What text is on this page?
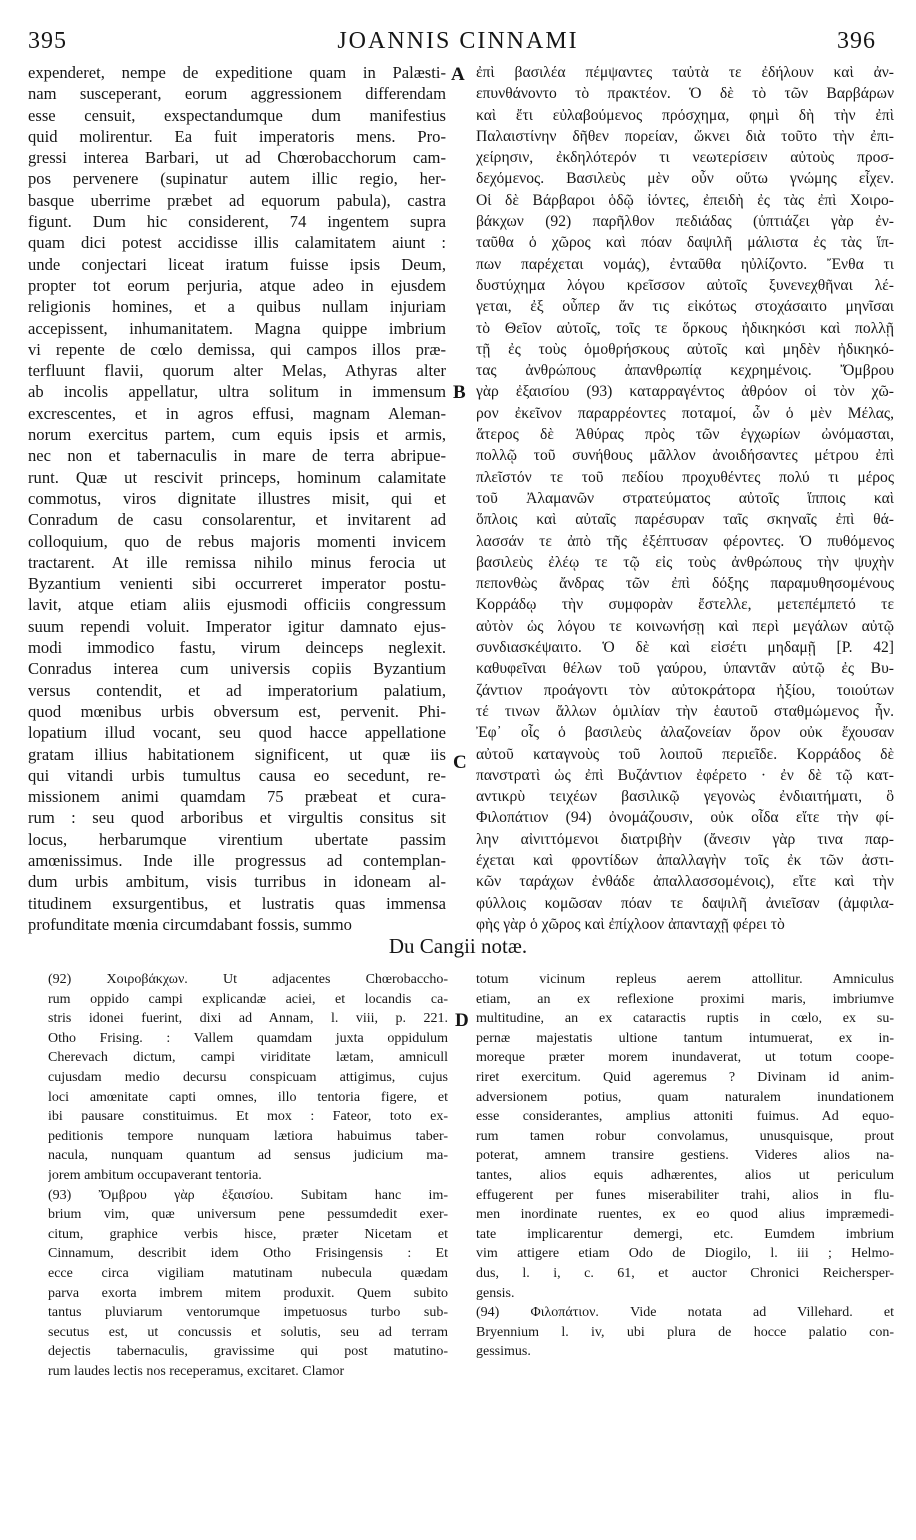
395	JOANNIS CINNAMI	396
expenderet, nempe de expeditione quam in Palæsti-
nam susceperant, eorum aggressionem differendam
esse censuit, exspectandumque dum manifestius
quid molirentur. Ea fuit imperatoris mens. Pro-
gressi interea Barbari, ut ad Chœrobacchorum cam-
pos pervenere (supinatur autem illic regio, her-
basque uberrime præbet ad equorum pabula), castra
figunt. Dum hic considerent, 74 ingentem supra
quam dici potest accidisse illis calamitatem aiunt :
unde conjectari liceat iratum fuisse ipsis Deum,
propter tot eorum perjuria, atque adeo in ejusdem
religionis homines, et a quibus nullam injuriam
accepissent, inhumanitatem. Magna quippe imbrium
vi repente de cœlo demissa, qui campos illos præ-
terfluunt flavii, quorum alter Melas, Athyras alter
ab incolis appellatur, ultra solitum in immensum
excrescentes, et in agros effusi, magnam Aleman-
norum exercitus partem, cum equis ipsis et armis,
nec non et tabernaculis in mare de terra abripue-
runt. Quæ ut rescivit princeps, hominum calamitate
commotus, viros dignitate illustres misit, qui et
Conradum de casu consolarentur, et invitarent ad
colloquium, quo de rebus majoris momenti invicem
tractarent. At ille remissa nihilo minus ferocia ut
Byzantium venienti sibi occurreret imperator postu-
lavit, atque etiam aliis ejusmodi officiis congressum
suum rependi voluit. Imperator igitur damnato ejus-
modi immodico fastu, virum deinceps neglexit.
Conradus interea cum universis copiis Byzantium
versus contendit, et ad imperatorium palatium,
quod mœnibus urbis obversum est, pervenit. Phi-
lopatium illud vocant, seu quod hacce appellatione
gratam illius habitationem significent, ut quæ iis
qui vitandi urbis tumultus causa eo secedunt, re-
missionem animi quamdam 75 præbeat et cura-
rum : seu quod arboribus et virgultis consitus sit
locus, herbarumque virentium ubertate passim
amœnissimus. Inde ille progressus ad contemplan-
dum urbis ambitum, visis turribus in idoneam al-
titudinem exsurgentibus, et lustratis quas immensa
profunditate mœnia circumdabant fossis, summo
ἐπὶ βασιλέα πέμψαντες ταὐτὰ τε ἐδήλουν καὶ ἀν-
επυνθάνοντο τὸ πρακτέον. Ὁ δὲ τὸ τῶν Βαρβάρων
καὶ ἔτι εὐλαβούμενος πρόσχημα, φημὶ δὴ τὴν ἐπὶ
Παλαιστίνην δῆθεν πορείαν, ὤκνει διὰ τοῦτο τὴν ἐπι-
χείρησιν, ἐκδηλότερόν τι νεωτερίσειν αὐτοὺς προσ-
δεχόμενος. Βασιλεὺς μὲν οὖν οὕτω γνώμης εἶχεν.
Οἱ δὲ Βάρβαροι ὁδῷ ἰόντες, ἐπειδὴ ἐς τὰς ἐπὶ Χοιρο-
βάκχων (92) παρῆλθον πεδιάδας (ὑπτιάζει γὰρ ἐν-
ταῦθα ὁ χῶρος καὶ πόαν δαψιλῆ μάλιστα ἐς τὰς ἵπ-
πων παρέχεται νομάς), ἐνταῦθα ηὐλίζοντο. Ἔνθα τι
δυστύχημα λόγου κρεῖσσον αὐτοῖς ξυνενεχθῆναι λέ-
γεται, ἐξ οὗπερ ἄν τις εἰκότως στοχάσαιτο μηνῖσαι
τὸ Θεῖον αὐτοῖς, τοῖς τε ὅρκους ἠδικηκόσι καὶ πολλῇ
τῇ ἐς τοὺς ὁμοθρήσκους αὐτοῖς καὶ μηδὲν ἠδικηκό-
τας ἀνθρώπους ἀπανθρωπίᾳ κεχρημένοις. Ὄμβρου
γὰρ ἐξαισίου (93) καταρραγέντος ἀθρόον οἱ τὸν χῶ-
ρον ἐκεῖνον παραρρέοντες ποταμοί, ὧν ὁ μὲν Μέλας,
ἅτερος δὲ Ἀθύρας πρὸς τῶν ἐγχωρίων ὠνόμασται,
πολλῷ τοῦ συνήθους μᾶλλον ἀνοιδήσαντες μέτρου ἐπὶ
πλεῖστόν τε τοῦ πεδίου προχυθέντες πολύ τι μέρος
τοῦ Ἀλαμανῶν στρατεύματος αὐτοῖς ἵπποις καὶ
ὅπλοις καὶ αὐταῖς παρέσυραν ταῖς σκηναῖς ἐπὶ θά-
λασσάν τε ἀπὸ τῆς ἐξέπτυσαν φέροντες. Ὁ πυθόμενος
βασιλεὺς ἐλέῳ τε τῷ εἰς τοὺς ἀνθρώπους τὴν ψυχὴν
πεπονθὼς ἄνδρας τῶν ἐπὶ δόξης παραμυθησομένους
Κορράδῳ τὴν συμφορὰν ἔστελλε, μετεπέμπετό τε
αὐτὸν ὡς λόγου τε κοινωνήσῃ καὶ περὶ μεγάλων αὐτῷ
συνδιασκέψαιτο. Ὁ δὲ καὶ εἰσέτι μηδαμῇ [P. 42]
καθυφεῖναι θέλων τοῦ γαύρου, ὑπαντᾶν αὐτῷ ἐς Βυ-
ζάντιον προάγοντι τὸν αὐτοκράτορα ἠξίου, τοιούτων
τέ τινων ἄλλων ὁμιλίαν τὴν ἑαυτοῦ σταθμώμενος ἦν.
Ἐφ᾽ οἷς ὁ βασιλεὺς ἀλαζονείαν ὅρον οὐκ ἔχουσαν
αὐτοῦ καταγνοὺς τοῦ λοιποῦ περιεῖδε. Κορράδος δὲ
πανστρατὶ ὡς ἐπὶ Βυζάντιον ἐφέρετο · ἐν δὲ τῷ κατ-
αντικρὺ τειχέων βασιλικῷ γεγονὼς ἐνδιαιτήματι, ὃ
Φιλοπάτιον (94) ὀνομάζουσιν, οὐκ οἶδα εἴτε τὴν φί-
λην αἰνιττόμενοι διατριβὴν (ἄνεσιν γὰρ τινα παρ-
έχεται καὶ φροντίδων ἀπαλλαγὴν τοῖς ἐκ τῶν ἀστι-
κῶν ταράχων ἐνθάδε ἀπαλλασσομένοις), εἴτε καὶ τὴν
φύλλοις κομῶσαν πόαν τε δαψιλῆ ἀνιεῖσαν (ἀμφιλα-
φὴς γὰρ ὁ χῶρος καὶ ἐπίχλοον ἀπανταχῇ φέρει τὸ
A
B
C
Du Cangii notæ.
(92) Χοιροβάκχων. Ut adjacentes Chœrobaccho-
rum oppido campi explicandæ aciei, et locandis ca-
stris idonei fuerint, dixi ad Annam, l. viii, p. 221.
Otho Frising. : Vallem quamdam juxta oppidulum
Cherevach dictum, campi viriditate lætam, amnicull
cujusdam medio decursu conspicuam attigimus, cujus
loci amœnitate capti omnes, illo tentoria figere, et
ibi pausare constituimus. Et mox : Fateor, toto ex-
peditionis tempore nunquam lætiora habuimus taber-
nacula, nunquam quantum ad sensus judicium ma-
jorem ambitum occupaverant tentoria.
(93) Ὄμβρου γὰρ ἐξαισίου. Subitam hanc im-
brium vim, quæ universum pene pessumdedit exer-
citum, graphice verbis hisce, præter Nicetam et
Cinnamum, describit idem Otho Frisingensis : Et
ecce circa vigiliam matutinam nubecula quædam
parva exorta imbrem mitem produxit. Quem subito
tantus pluviarum ventorumque impetuosus turbo sub-
secutus est, ut concussis et solutis, seu ad terram
dejectis tabernaculis, gravissime qui post matutino-
rum laudes lectis nos receperamus, excitaret. Clamor
D
totum vicinum repleus aerem attollitur. Amniculus
etiam, an ex reflexione proximi maris, imbriumve
multitudine, an ex cataractis ruptis in cœlo, ex su-
pernæ majestatis ultione tantum intumuerat, ex in-
moreque præter morem inundaverat, ut totum coope-
riret exercitum. Quid ageremus ? Divinam id anim-
adversionem potius, quam naturalem inundationem
esse considerantes, amplius attoniti fuimus. Ad equo-
rum tamen robur convolamus, unusquisque, prout
poterat, amnem transire gestiens. Videres alios na-
tantes, alios equis adhærentes, alios ut periculum
effugerent per funes miserabiliter trahi, alios in flu-
men inordinate ruentes, ex eo quod alius impræmedi-
tate implicarentur demergi, etc. Eumdem imbrium
vim attigere etiam Odo de Diogilo, l. iii ; Helmo-
dus, l. i, c. 61, et auctor Chronici Reichersper-
gensis.
(94) Φιλοπάτιον. Vide notata ad Villehard. et
Bryennium l. iv, ubi plura de hocce palatio con-
gessimus.
